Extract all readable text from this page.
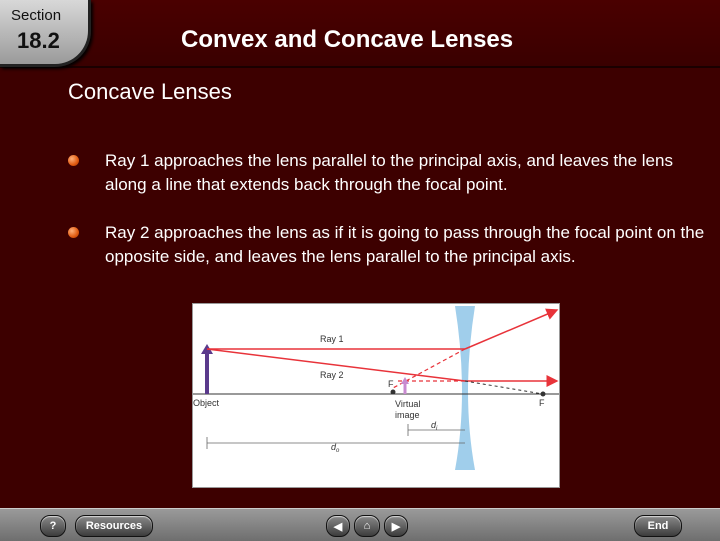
Section
18.2	Convex and Concave Lenses
Concave Lenses
Ray 1 approaches the lens parallel to the principal axis, and leaves the lens along a line that extends back through the focal point.
Ray 2 approaches the lens as if it is going to pass through the focal point on the opposite side, and leaves the lens parallel to the principal axis.
Ray 1
Ray 2
Object
F
F
Virtual
image
$d_i$
$d_o$
?	Resources	◀	⌂	▶	End
